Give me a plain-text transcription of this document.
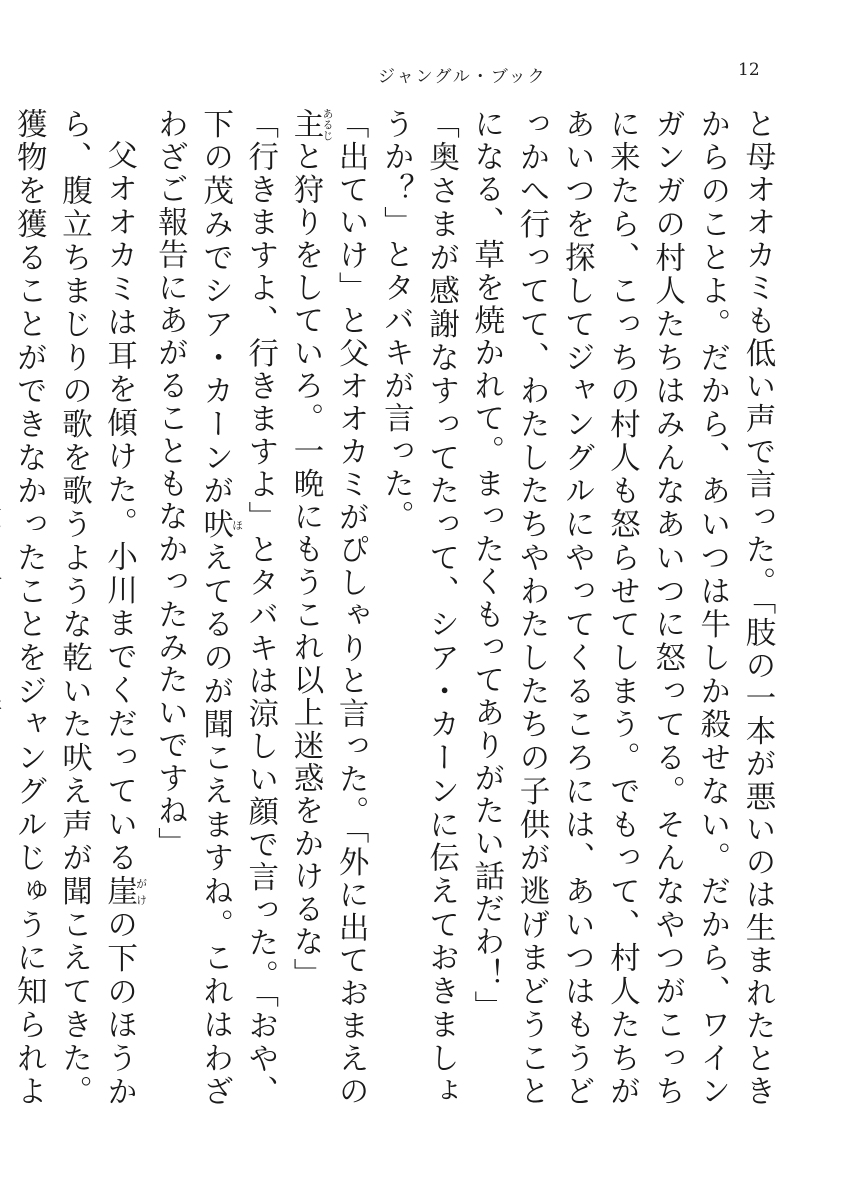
ジャングル・ブック	12

と母オオカミも低い声で言った。「肢の一本が悪いのは生まれたときからのことよ。だから、あいつは牛しか殺せない。だから、ワインガンガの村人たちはみんなあいつに怒ってる。そんなやつがこっちに来たら、こっちの村人も怒らせてしまう。でもって、村人たちがあいつを探してジャングルにやってくるころには、あいつはもうどっかへ行ってて、わたしたちやわたしたちの子供が逃げまどうことになる、草を焼かれて。まったくもってありがたい話だわ！」

「奥さまが感謝なすってたって、シア・カーンに伝えておきましょうか？」とタバキが言った。

「出ていけ」と父オオカミがぴしゃりと言った。「外に出ておまえの主あるじと狩りをしていろ。一晩にもうこれ以上迷惑をかけるな」

「行きますよ、行きますよ」とタバキは涼しい顔で言った。「おや、下の茂みでシア・カーンが吠ほえてるのが聞こえますね。これはわざわざご報告にあがることもなかったみたいですね」

父オオカミは耳を傾けた。小川までくだっている崖がけの下のほうから、腹立ちまじりの歌を歌うような乾いた吠え声が聞こえてきた。獲物を獲ることができなかったことをジャングルじゅうに知られよ
